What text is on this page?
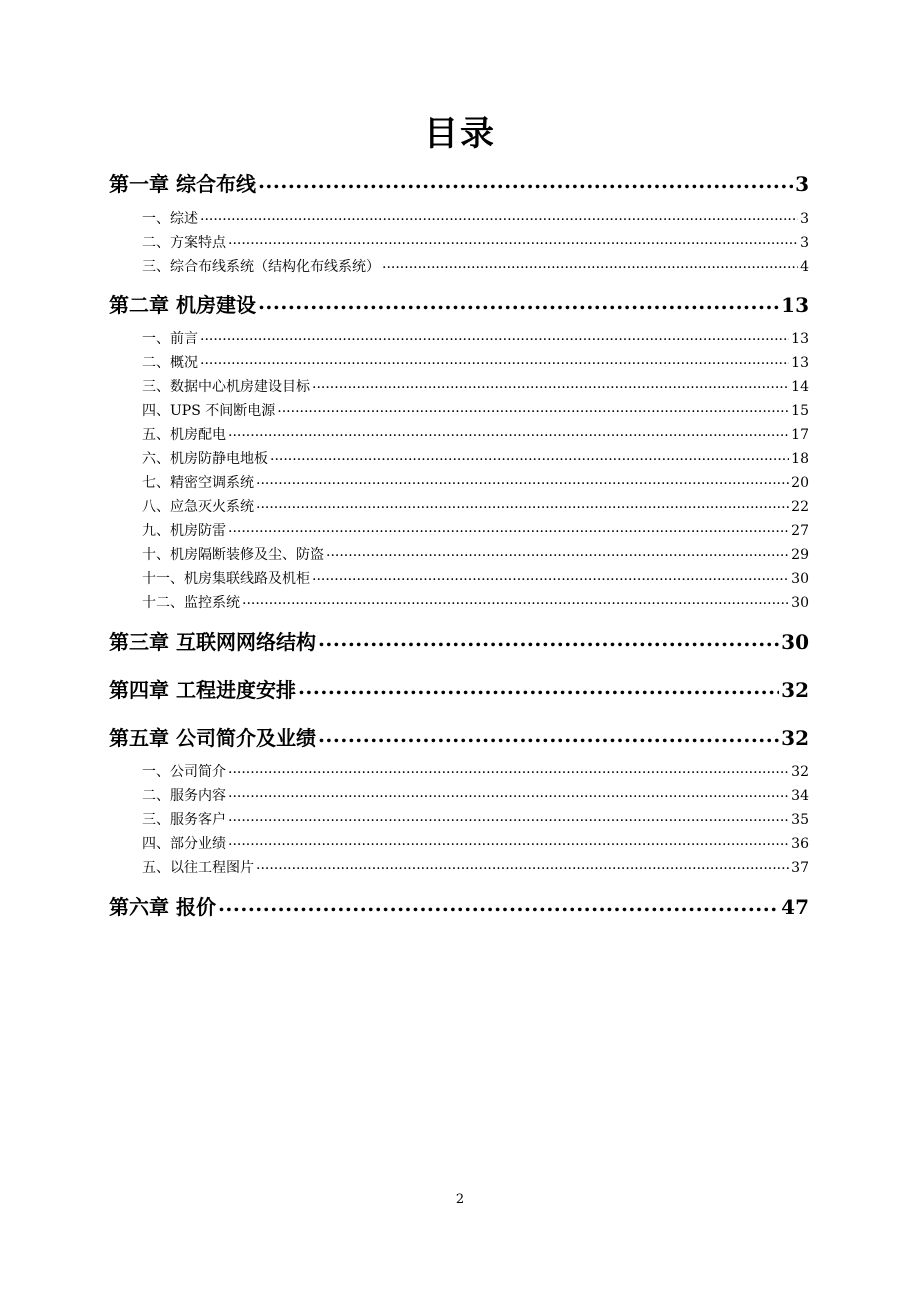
目录
第一章 综合布线 .....	3
一、综述 .....	3
二、方案特点 .....	3
三、综合布线系统（结构化布线系统） .....	4
第二章 机房建设 .....	13
一、前言 .....	13
二、概况 .....	13
三、数据中心机房建设目标 .....	14
四、UPS 不间断电源 .....	15
五、机房配电 .....	17
六、机房防静电地板 .....	18
七、精密空调系统 .....	20
八、应急灭火系统 .....	22
九、机房防雷 .....	27
十、机房隔断装修及尘、防盗 .....	29
十一、机房集联线路及机柜 .....	30
十二、监控系统 .....	30
第三章 互联网网络结构 .....	30
第四章 工程进度安排 .....	32
第五章 公司简介及业绩 .....	32
一、公司简介 .....	32
二、服务内容 .....	34
三、服务客户 .....	35
四、部分业绩 .....	36
五、以往工程图片 .....	37
第六章 报价 .....	47
2
